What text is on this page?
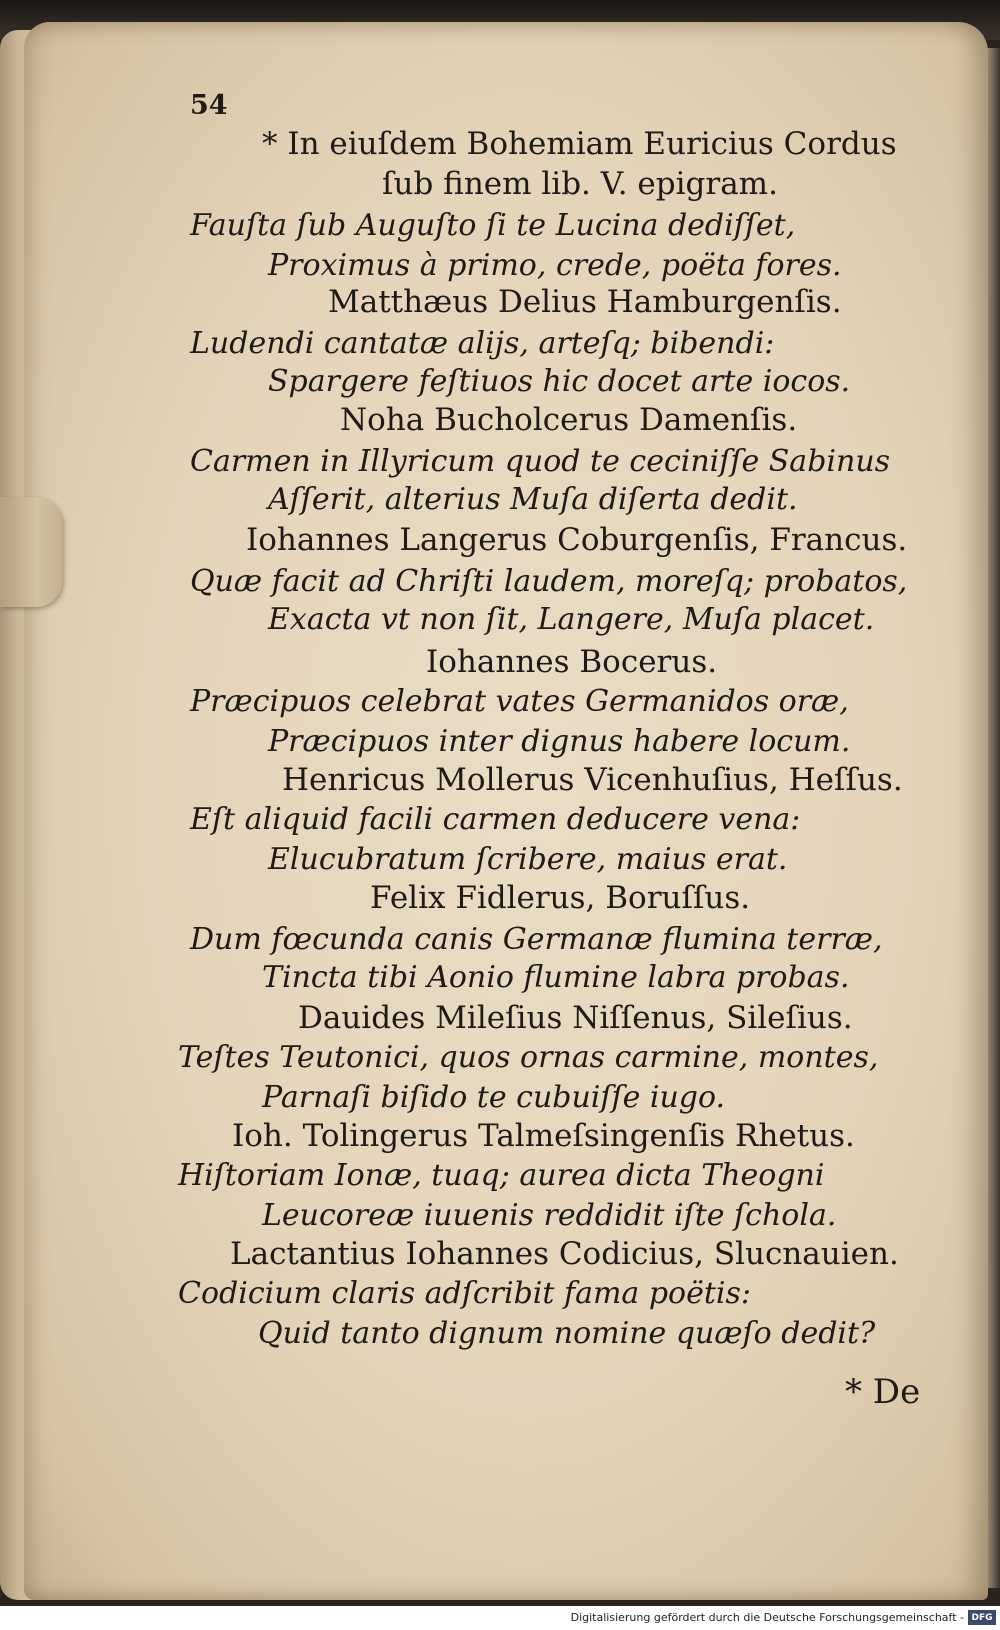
54
* In eiuſdem Bohemiam Euricius Cordus
ſub finem lib. V. epigram.
Fauſta ſub Auguſto ſi te Lucina dediſſet,
Proximus à primo, crede, poëta fores.
Matthæus Delius Hamburgenſis.
Ludendi cantatæ alijs, arteſq; bibendi:
Spargere feſtiuos hic docet arte iocos.
Noha Bucholcerus Damenſis.
Carmen in Illyricum quod te ceciniſſe Sabinus
Aſſerit, alterius Muſa diſerta dedit.
Iohannes Langerus Coburgenſis, Francus.
Quæ facit ad Chriſti laudem, moreſq; probatos,
Exacta vt non ſit, Langere, Muſa placet.
Iohannes Bocerus.
Præcipuos celebrat vates Germanidos oræ,
Præcipuos inter dignus habere locum.
Henricus Mollerus Vicenhuſius, Heſſus.
Eſt aliquid facili carmen deducere vena:
Elucubratum ſcribere, maius erat.
Felix Fidlerus, Boruſſus.
Dum fœcunda canis Germanæ flumina terræ,
Tincta tibi Aonio flumine labra probas.
Dauides Mileſius Niſſenus, Sileſius.
Teſtes Teutonici, quos ornas carmine, montes,
Parnaſi biſido te cubuiſſe iugo.
Ioh. Tolingerus Talmeſsingenſis Rhetus.
Hiſtoriam Ionæ, tuaq; aurea dicta Theogni
Leucoreæ iuuenis reddidit iſte ſchola.
Lactantius Iohannes Codicius, Slucnauien.
Codicium claris adſcribit fama poëtis:
Quid tanto dignum nomine quæſo dedit?
* De
Digitalisierung gefördert durch die Deutsche Forschungsgemeinschaft - DFG
